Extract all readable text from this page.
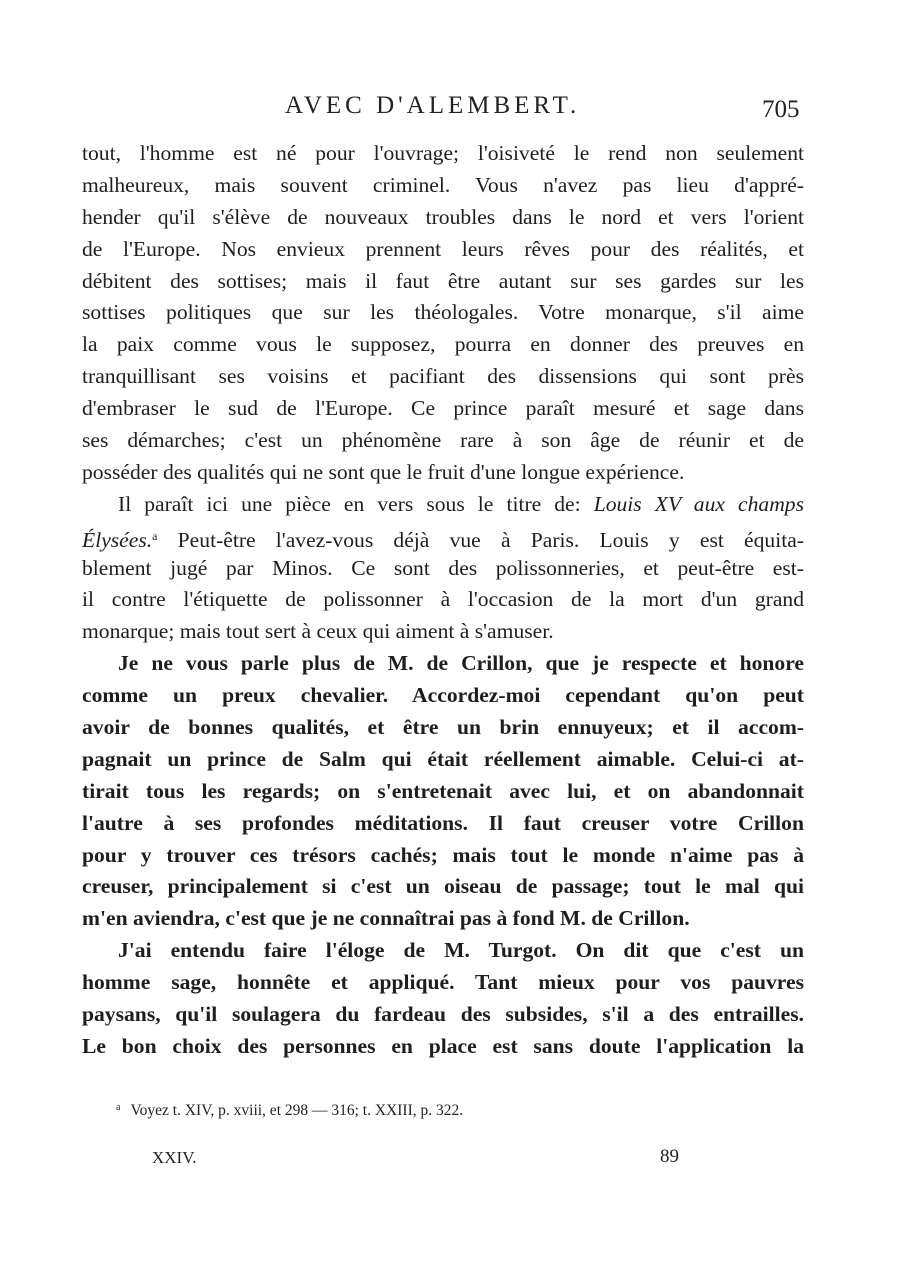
AVEC D'ALEMBERT.	705
tout, l'homme est né pour l'ouvrage; l'oisiveté le rend non seulement
malheureux, mais souvent criminel. Vous n'avez pas lieu d'appré-
hender qu'il s'élève de nouveaux troubles dans le nord et vers l'orient
de l'Europe. Nos envieux prennent leurs rêves pour des réalités, et
débitent des sottises; mais il faut être autant sur ses gardes sur les
sottises politiques que sur les théologales. Votre monarque, s'il aime
la paix comme vous le supposez, pourra en donner des preuves en
tranquillisant ses voisins et pacifiant des dissensions qui sont près
d'embraser le sud de l'Europe. Ce prince paraît mesuré et sage dans
ses démarches; c'est un phénomène rare à son âge de réunir et de
posséder des qualités qui ne sont que le fruit d'une longue expérience.
Il paraît ici une pièce en vers sous le titre de: Louis XV aux champs
Élysées.$^a$ Peut-être l'avez-vous déjà vue à Paris. Louis y est équita-
blement jugé par Minos. Ce sont des polissonneries, et peut-être est-
il contre l'étiquette de polissonner à l'occasion de la mort d'un grand
monarque; mais tout sert à ceux qui aiment à s'amuser.
Je ne vous parle plus de M. de Crillon, que je respecte et honore
comme un preux chevalier. Accordez-moi cependant qu'on peut
avoir de bonnes qualités, et être un brin ennuyeux; et il accom-
pagnait un prince de Salm qui était réellement aimable. Celui-ci at-
tirait tous les regards; on s'entretenait avec lui, et on abandonnait
l'autre à ses profondes méditations. Il faut creuser votre Crillon
pour y trouver ces trésors cachés; mais tout le monde n'aime pas à
creuser, principalement si c'est un oiseau de passage; tout le mal qui
m'en aviendra, c'est que je ne connaîtrai pas à fond M. de Crillon.
J'ai entendu faire l'éloge de M. Turgot. On dit que c'est un
homme sage, honnête et appliqué. Tant mieux pour vos pauvres
paysans, qu'il soulagera du fardeau des subsides, s'il a des entrailles.
Le bon choix des personnes en place est sans doute l'application la
$^a$ Voyez t. XIV, p. xviii, et 298 — 316; t. XXIII, p. 322.
XXIV.	89
